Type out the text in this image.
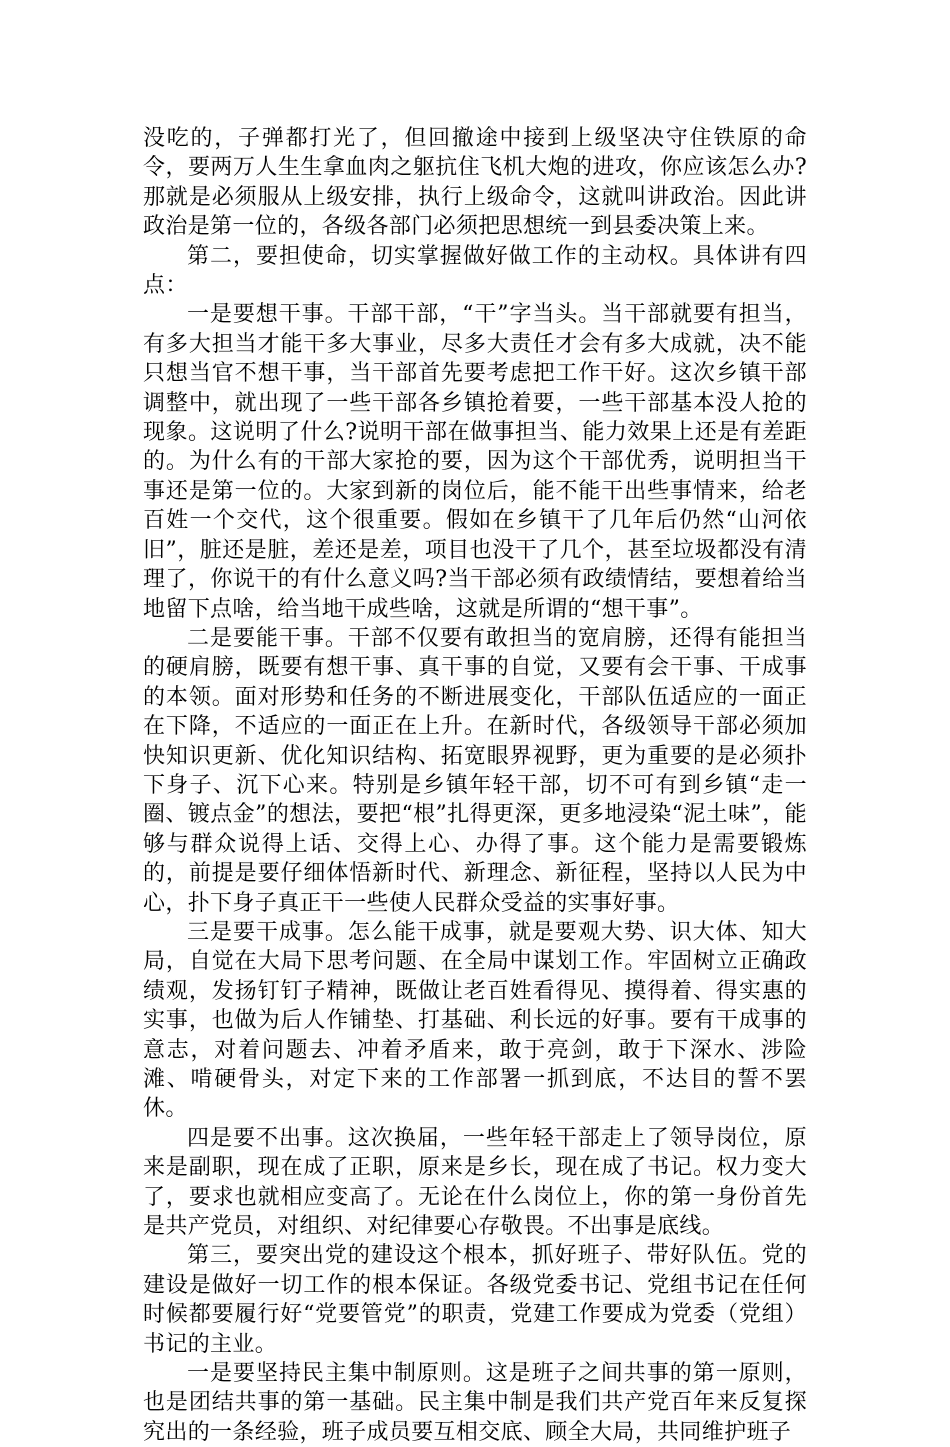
没吃的，子弹都打光了，但回撤途中接到上级坚决守住铁原的命令，要两万人生生拿血肉之躯抗住飞机大炮的进攻，你应该怎么办?那就是必须服从上级安排，执行上级命令，这就叫讲政治。因此讲政治是第一位的，各级各部门必须把思想统一到县委决策上来。

第二，要担使命，切实掌握做好做工作的主动权。具体讲有四点：

一是要想干事。干部干部，“干”字当头。当干部就要有担当，有多大担当才能干多大事业，尽多大责任才会有多大成就，决不能只想当官不想干事，当干部首先要考虑把工作干好。这次乡镇干部调整中，就出现了一些干部各乡镇抢着要，一些干部基本没人抢的现象。这说明了什么?说明干部在做事担当、能力效果上还是有差距的。为什么有的干部大家抢的要，因为这个干部优秀，说明担当干事还是第一位的。大家到新的岗位后，能不能干出些事情来，给老百姓一个交代，这个很重要。假如在乡镇干了几年后仍然“山河依旧”，脏还是脏，差还是差，项目也没干了几个，甚至垃圾都没有清理了，你说干的有什么意义吗?当干部必须有政绩情结，要想着给当地留下点啥，给当地干成些啥，这就是所谓的“想干事”。

二是要能干事。干部不仅要有敢担当的宽肩膀，还得有能担当的硬肩膀，既要有想干事、真干事的自觉，又要有会干事、干成事的本领。面对形势和任务的不断进展变化，干部队伍适应的一面正在下降，不适应的一面正在上升。在新时代，各级领导干部必须加快知识更新、优化知识结构、拓宽眼界视野，更为重要的是必须扑下身子、沉下心来。特别是乡镇年轻干部，切不可有到乡镇“走一圈、镀点金”的想法，要把“根”扎得更深，更多地浸染“泥土味”，能够与群众说得上话、交得上心、办得了事。这个能力是需要锻炼的，前提是要仔细体悟新时代、新理念、新征程，坚持以人民为中心，扑下身子真正干一些使人民群众受益的实事好事。

三是要干成事。怎么能干成事，就是要观大势、识大体、知大局，自觉在大局下思考问题、在全局中谋划工作。牢固树立正确政绩观，发扬钉钉子精神，既做让老百姓看得见、摸得着、得实惠的实事，也做为后人作铺垫、打基础、利长远的好事。要有干成事的意志，对着问题去、冲着矛盾来，敢于亮剑，敢于下深水、涉险滩、啃硬骨头，对定下来的工作部署一抓到底，不达目的誓不罢休。

四是要不出事。这次换届，一些年轻干部走上了领导岗位，原来是副职，现在成了正职，原来是乡长，现在成了书记。权力变大了，要求也就相应变高了。无论在什么岗位上，你的第一身份首先是共产党员，对组织、对纪律要心存敬畏。不出事是底线。

第三，要突出党的建设这个根本，抓好班子、带好队伍。党的建设是做好一切工作的根本保证。各级党委书记、党组书记在任何时候都要履行好“党要管党”的职责，党建工作要成为党委（党组）书记的主业。

一是要坚持民主集中制原则。这是班子之间共事的第一原则，也是团结共事的第一基础。民主集中制是我们共产党百年来反复探究出的一条经验，班子成员要互相交底、顾全大局，共同维护班子
